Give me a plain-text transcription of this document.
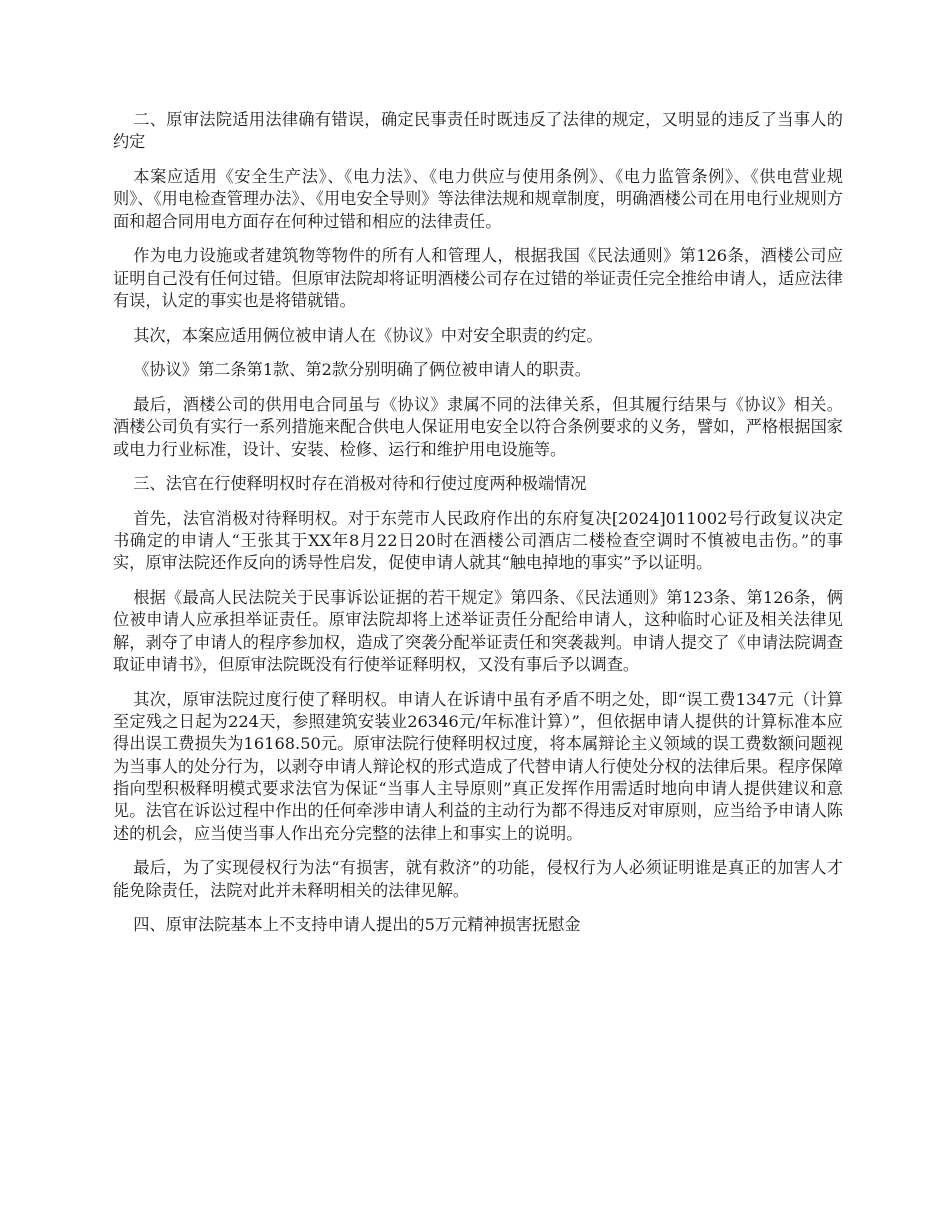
二、原审法院适用法律确有错误，确定民事责任时既违反了法律的规定，又明显的违反了当事人的约定

本案应适用《安全生产法》、《电力法》、《电力供应与使用条例》、《电力监管条例》、《供电营业规则》、《用电检查管理办法》、《用电安全导则》等法律法规和规章制度，明确酒楼公司在用电行业规则方面和超合同用电方面存在何种过错和相应的法律责任。

作为电力设施或者建筑物等物件的所有人和管理人，根据我国《民法通则》第126条，酒楼公司应证明自己没有任何过错。但原审法院却将证明酒楼公司存在过错的举证责任完全推给申请人，适应法律有误，认定的事实也是将错就错。

其次，本案应适用俩位被申请人在《协议》中对安全职责的约定。

《协议》第二条第1款、第2款分别明确了俩位被申请人的职责。

最后，酒楼公司的供用电合同虽与《协议》隶属不同的法律关系，但其履行结果与《协议》相关。酒楼公司负有实行一系列措施来配合供电人保证用电安全以符合条例要求的义务，譬如，严格根据国家或电力行业标准，设计、安装、检修、运行和维护用电设施等。

三、法官在行使释明权时存在消极对待和行使过度两种极端情况

首先，法官消极对待释明权。对于东莞市人民政府作出的东府复决[2024]011002号行政复议决定书确定的申请人“王张其于XX年8月22日20时在酒楼公司酒店二楼检查空调时不慎被电击伤。”的事实，原审法院还作反向的诱导性启发，促使申请人就其“触电掉地的事实”予以证明。

根据《最高人民法院关于民事诉讼证据的若干规定》第四条、《民法通则》第123条、第126条，俩位被申请人应承担举证责任。原审法院却将上述举证责任分配给申请人，这种临时心证及相关法律见解，剥夺了申请人的程序参加权，造成了突袭分配举证责任和突袭裁判。申请人提交了《申请法院调查取证申请书》，但原审法院既没有行使举证释明权，又没有事后予以调查。

其次，原审法院过度行使了释明权。申请人在诉请中虽有矛盾不明之处，即“误工费1347元（计算至定残之日起为224天，参照建筑安装业26346元/年标准计算）”，但依据申请人提供的计算标准本应得出误工费损失为16168.50元。原审法院行使释明权过度，将本属辩论主义领域的误工费数额问题视为当事人的处分行为，以剥夺申请人辩论权的形式造成了代替申请人行使处分权的法律后果。程序保障指向型积极释明模式要求法官为保证“当事人主导原则”真正发挥作用需适时地向申请人提供建议和意见。法官在诉讼过程中作出的任何牵涉申请人利益的主动行为都不得违反对审原则，应当给予申请人陈述的机会，应当使当事人作出充分完整的法律上和事实上的说明。

最后，为了实现侵权行为法“有损害，就有救济”的功能，侵权行为人必须证明谁是真正的加害人才能免除责任，法院对此并未释明相关的法律见解。

四、原审法院基本上不支持申请人提出的5万元精神损害抚慰金
